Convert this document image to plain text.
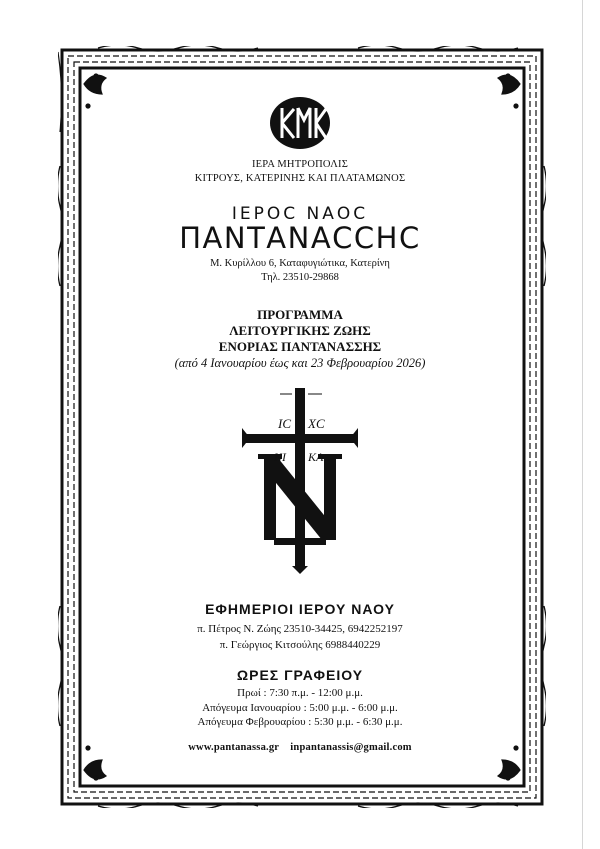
ΙΕΡΑ ΜΗΤΡΟΠΟΛΙΣ
ΚΙΤΡΟΥΣ, ΚΑΤΕΡΙΝΗΣ ΚΑΙ ΠΛΑΤΑΜΩΝΟΣ
ΙΕΡΟC ΝΑΟC
ΠΑΝΤΑΝΑCCΗC
Μ. Κυρίλλου 6, Καταφυγιώτικα, Κατερίνη
Τηλ. 23510-29868
ΠΡΟΓΡΑΜΜΑ
ΛΕΙΤΟΥΡΓΙΚΗΣ ΖΩΗΣ
ΕΝΟΡΙΑΣ ΠΑΝΤΑΝΑΣΣΗΣ
(από 4 Ιανουαρίου έως και 23 Φεβρουαρίου 2026)
IC XC
NI KA
ΕΦΗΜΕΡΙΟΙ ΙΕΡΟΥ ΝΑΟΥ
π. Πέτρος Ν. Ζώης 23510-34425, 6942252197
π. Γεώργιος Κιτσούλης 6988440229
ΩΡΕΣ ΓΡΑΦΕΙΟΥ
Πρωί : 7:30 π.μ. - 12:00 μ.μ.
Απόγευμα Ιανουαρίου : 5:00 μ.μ. - 6:00 μ.μ.
Απόγευμα Φεβρουαρίου : 5:30 μ.μ. - 6:30 μ.μ.
www.pantanassa.gr inpantanassis@gmail.com
